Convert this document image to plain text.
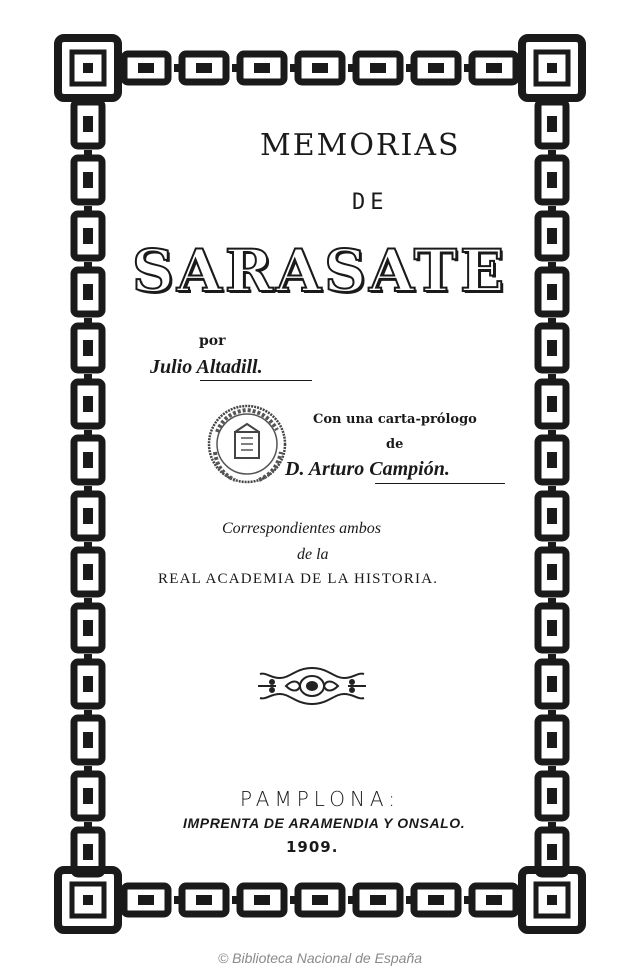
MEMORIAS
DE
SARASATE
por
Julio Altadill.
Con una carta-prólogo
de
D. Arturo Campión.
Correspondientes ambos
de la
REAL ACADEMIA DE LA HISTORIA.
PAMPLONA:
IMPRENTA DE ARAMENDIA Y ONSALO.
1909.
© Biblioteca Nacional de España
